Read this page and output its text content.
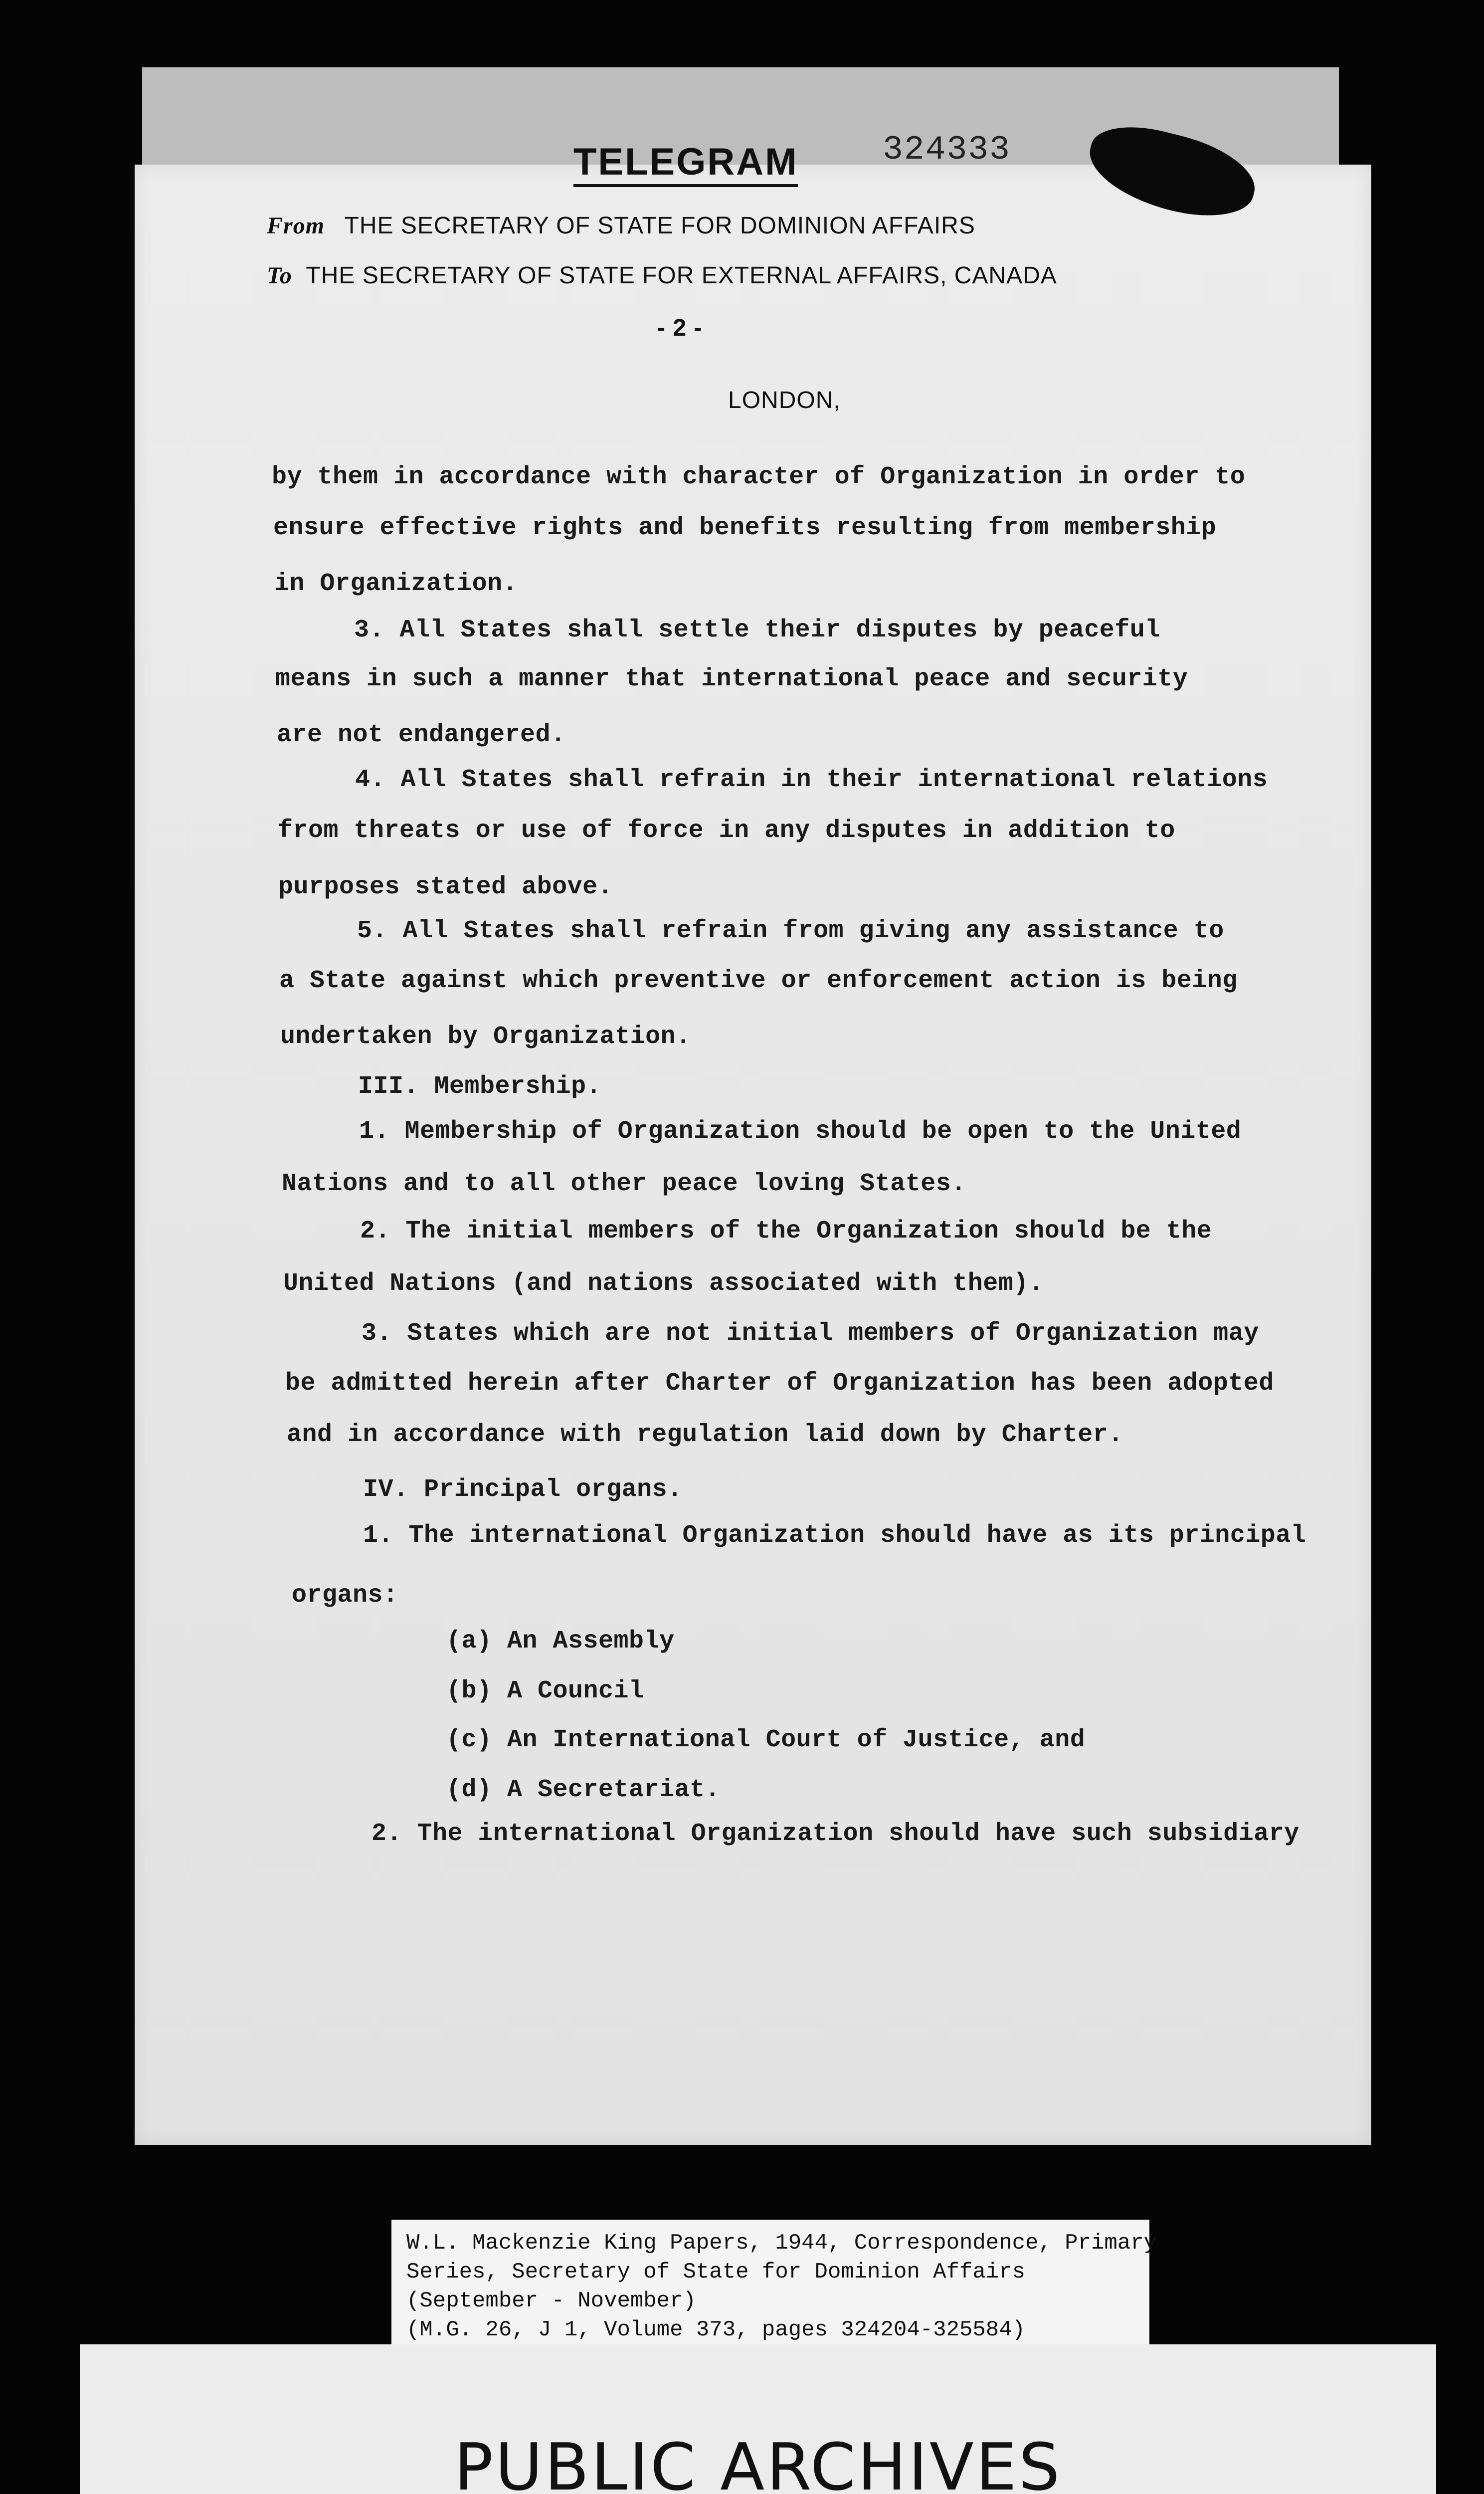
324333
TELEGRAM
From THE SECRETARY OF STATE FOR DOMINION AFFAIRS
To THE SECRETARY OF STATE FOR EXTERNAL AFFAIRS, CANADA
- 2 -
LONDON,
by them in accordance with character of Organization in order to
ensure effective rights and benefits resulting from membership
in Organization.
3. All States shall settle their disputes by peaceful
means in such a manner that international peace and security
are not endangered.
4. All States shall refrain in their international relations
from threats or use of force in any disputes in addition to
purposes stated above.
5. All States shall refrain from giving any assistance to
a State against which preventive or enforcement action is being
undertaken by Organization.
III. Membership.
1. Membership of Organization should be open to the United
Nations and to all other peace loving States.
2. The initial members of the Organization should be the
United Nations (and nations associated with them).
3. States which are not initial members of Organization may
be admitted herein after Charter of Organization has been adopted
and in accordance with regulation laid down by Charter.
IV. Principal organs.
1. The international Organization should have as its principal
organs:
(a) An Assembly
(b) A Council
(c) An International Court of Justice, and
(d) A Secretariat.
2. The international Organization should have such subsidiary
W.L. Mackenzie King Papers, 1944, Correspondence, Primary
Series, Secretary of State for Dominion Affairs
(September - November)
(M.G. 26, J 1, Volume 373, pages 324204-325584)
PUBLIC ARCHIVES
